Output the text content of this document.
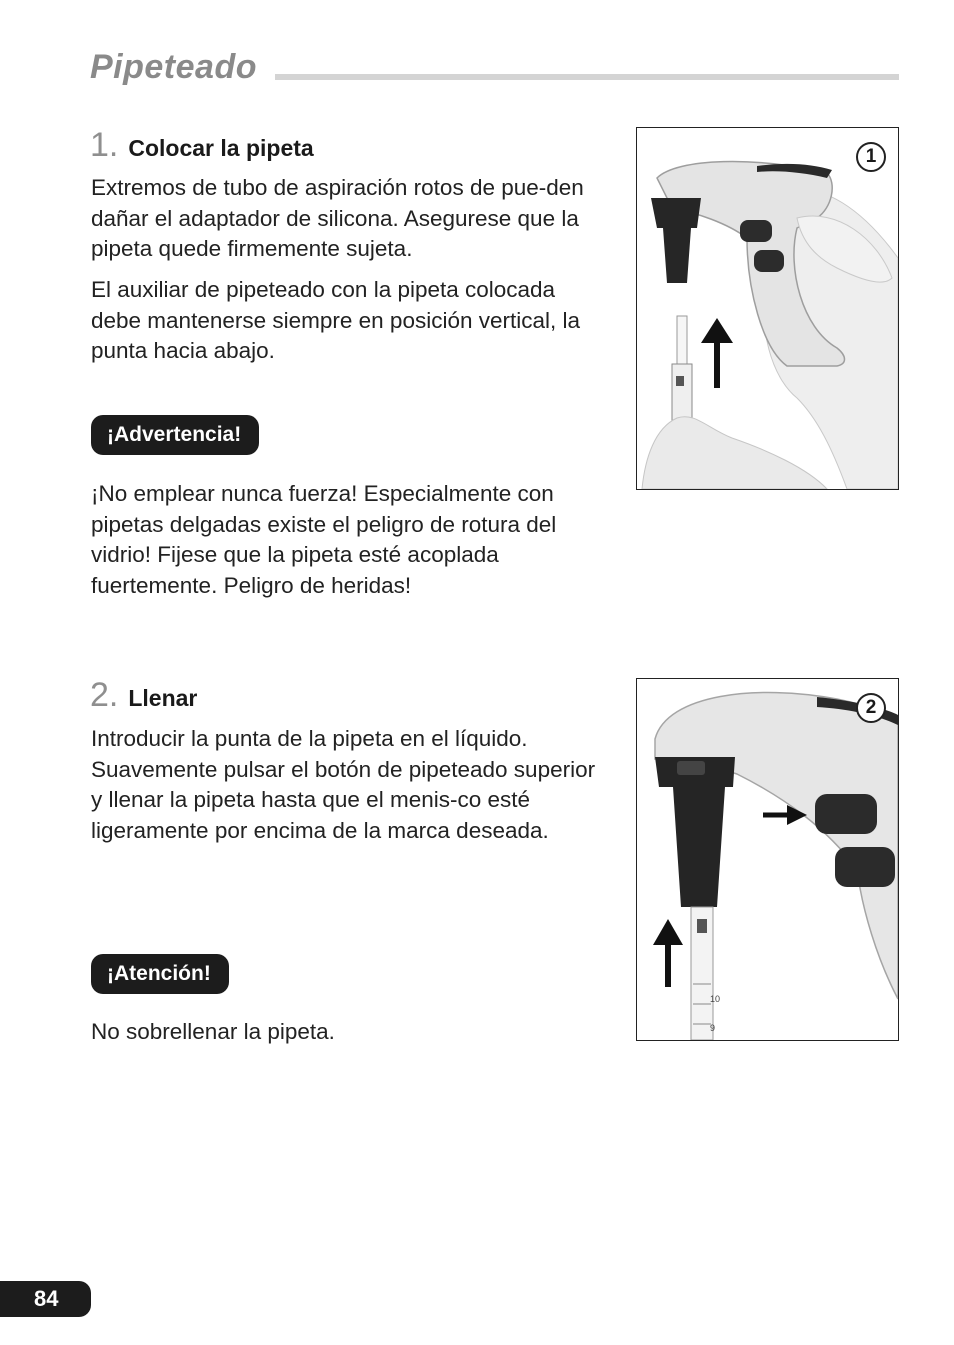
Pipeteado
1. Colocar la pipeta

Extremos de tubo de aspiración rotos de pue-den dañar el adaptador de silicona. Asegurese que la pipeta quede firmemente sujeta.

El auxiliar de pipeteado con la pipeta colocada debe mantenerse siempre en posición vertical, la punta hacia abajo.

¡Advertencia!

¡No emplear nunca fuerza! Especialmente con pipetas delgadas existe el peligro de rotura del vidrio! Fijese que la pipeta esté acoplada fuertemente. Peligro de heridas!

1
2. Llenar

Introducir la punta de la pipeta en el líquido. Suavemente pulsar el botón de pipeteado superior y llenar la pipeta hasta que el menis-co esté ligeramente por encima de la marca deseada.

¡Atención!

No sobrellenar la pipeta.

10
9
2
84
